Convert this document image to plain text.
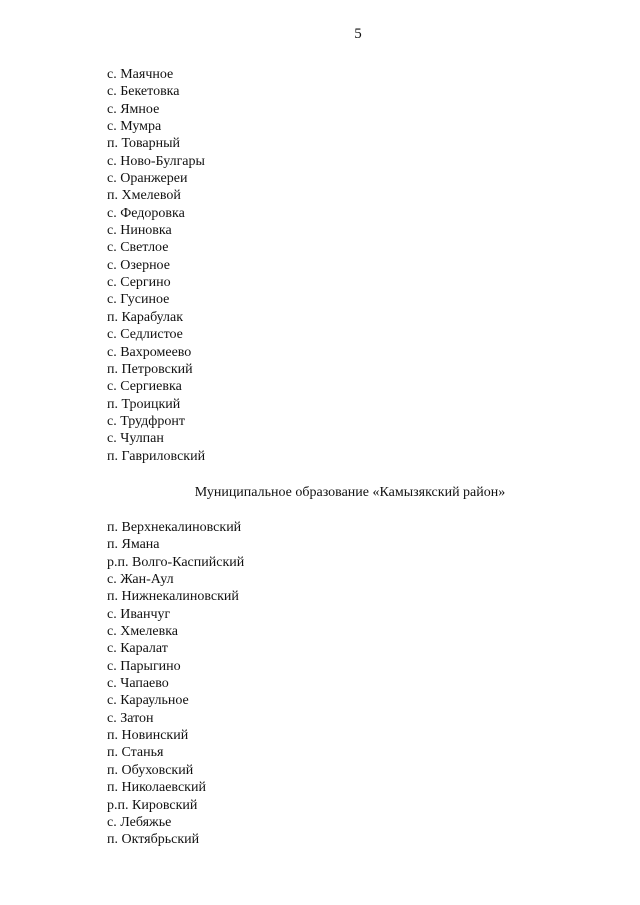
5
с. Маячное
с. Бекетовка
с. Ямное
с. Мумра
п. Товарный
с. Ново-Булгары
с. Оранжереи
п. Хмелевой
с. Федоровка
с. Ниновка
с. Светлое
с. Озерное
с. Сергино
с. Гусиное
п. Карабулак
с. Седлистое
с. Вахромеево
п. Петровский
с. Сергиевка
п. Троицкий
с. Трудфронт
с. Чулпан
п. Гавриловский
Муниципальное образование «Камызякский район»
п. Верхнекалиновский
п. Ямана
р.п. Волго-Каспийский
с. Жан-Аул
п. Нижнекалиновский
с. Иванчуг
с. Хмелевка
с. Каралат
с. Парыгино
с. Чапаево
с. Караульное
с. Затон
п. Новинский
п. Станья
п. Обуховский
п. Николаевский
р.п. Кировский
с. Лебяжье
п. Октябрьский
